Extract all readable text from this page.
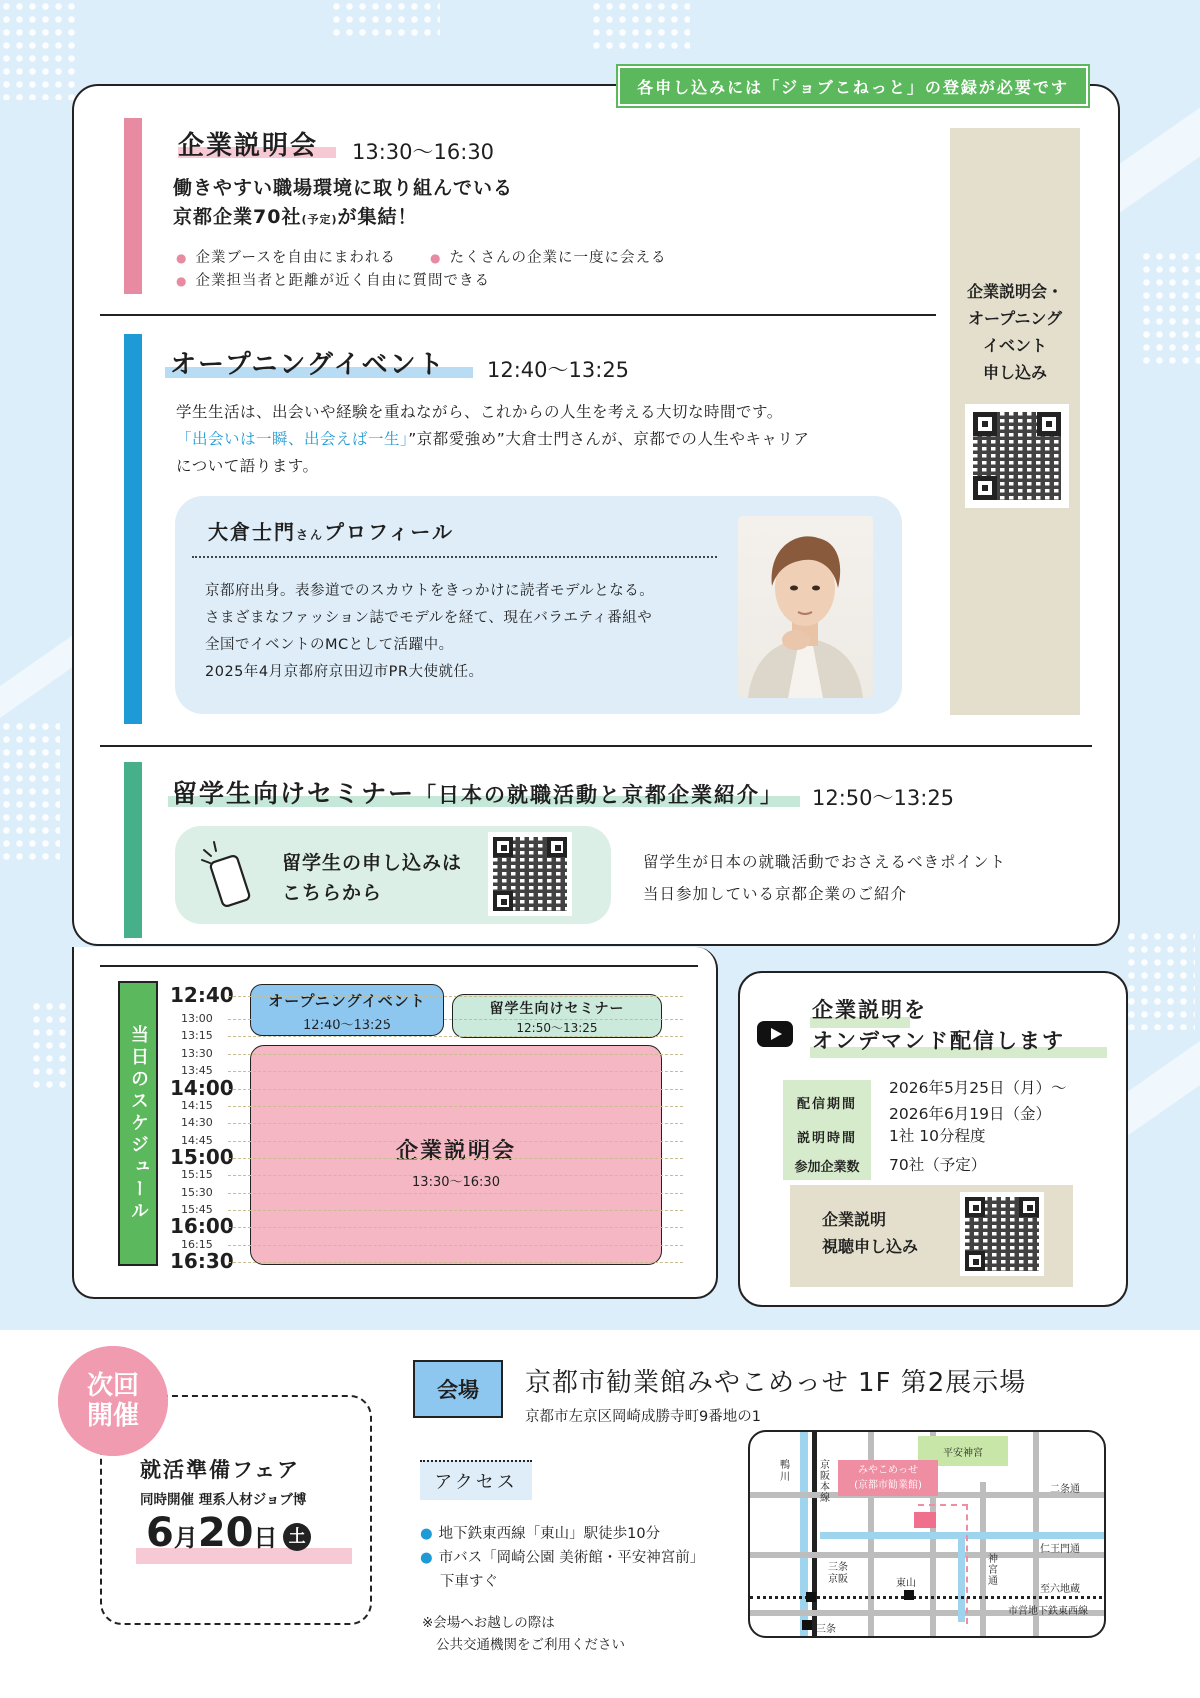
各申し込みには「ジョブこねっと」の登録が必要です
企業説明会 13:30〜16:30
働きやすい職場環境に取り組んでいる
京都企業70社(予定)が集結！
● 企業ブースを自由にまわれる
●	たくさんの企業に一度に会える
● 企業担当者と距離が近く自由に質問できる
企業説明会・
オープニング
イベント
申し込み
オープニングイベント 12:40〜13:25
学生生活は、出会いや経験を重ねながら、これからの人生を考える大切な時間です。
「出会いは一瞬、出会えば一生」”京都愛強め”大倉士門さんが、京都での人生やキャリア
について語ります。
大倉士門さんプロフィール
京都府出身。表参道でのスカウトをきっかけに読者モデルとなる。
さまざまなファッション誌でモデルを経て、現在バラエティ番組や
全国でイベントのMCとして活躍中。
2025年4月京都府京田辺市PR大使就任。
留学生向けセミナー「日本の就職活動と京都企業紹介」 12:50〜13:25
留学生の申し込みは
こちらから
留学生が日本の就職活動でおさえるべきポイント
当日参加している京都企業のご紹介
当日のスケジュール
オープニングイベント
12:40〜13:25
留学生向けセミナー
12:50〜13:25
企業説明会
13:30〜16:30
企業説明を
オンデマンド配信します
配信期間
2026年5月25日（月）〜
2026年6月19日（金）
説明時間	1社 10分程度
参加企業数	70社（予定）
企業説明
視聴申し込み
次回
開催
就活準備フェア
同時開催 理系人材ジョブ博
6月20日 土
会場	京都市勧業館みやこめっせ 1F 第2展示場
京都市左京区岡崎成勝寺町9番地の1
アクセス
● 地下鉄東西線「東山」駅徒歩10分
● 市バス「岡崎公園 美術館・平安神宮前」
下車すぐ
※会場へお越しの際は
公共交通機関をご利用ください
平安神宮
みやこめっせ
(京都市勧業館)
鴨川
京阪本線
二条通
仁王門通
神宮通
三条京阪	東山
至六地蔵
市営地下鉄東西線
三条
12:40
14:00
15:00
16:00
16:30
13:00
13:15
13:30
13:45
14:15
14:30
14:45
15:15
15:30
15:45
16:15
